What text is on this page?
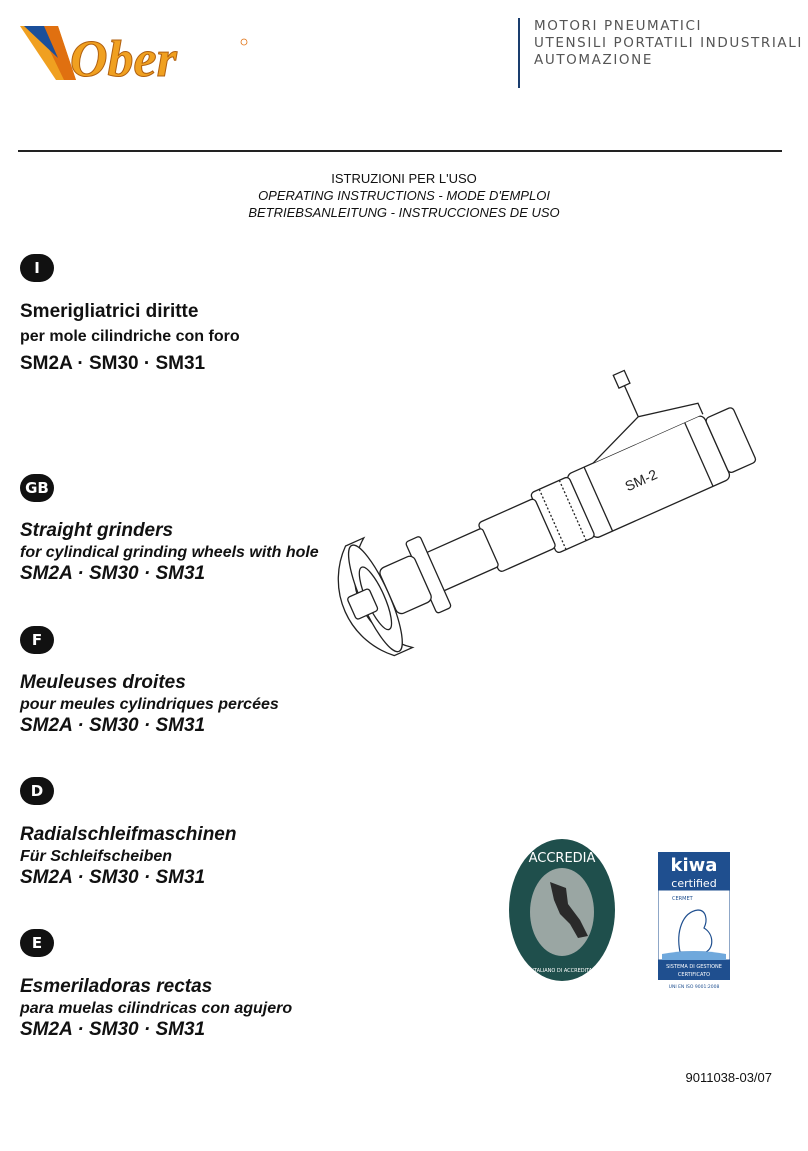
Ober
MOTORI PNEUMATICI
UTENSILI PORTATILI INDUSTRIALI
AUTOMAZIONE
ISTRUZIONI PER L'USO
OPERATING INSTRUCTIONS - MODE D'EMPLOI
BETRIEBSANLEITUNG - INSTRUCCIONES DE USO
I
Smerigliatrici diritte
per mole cilindriche con foro
SM2A · SM30 · SM31
GB
Straight grinders
for cylindical grinding wheels with hole
SM2A · SM30 · SM31
F
Meuleuses droites
pour meules cylindriques percées
SM2A · SM30 · SM31
D
Radialschleifmaschinen
Für Schleifscheiben
SM2A · SM30 · SM31
E
Esmeriladoras rectas
para muelas cilindricas con agujero
SM2A · SM30 · SM31
SM-2
ACCREDIA
L'ENTE ITALIANO DI ACCREDITAMENTO
kiwa
certified
CERMET
SISTEMA DI GESTIONE
CERTIFICATO
UNI EN ISO 9001:2008
9011038-03/07
